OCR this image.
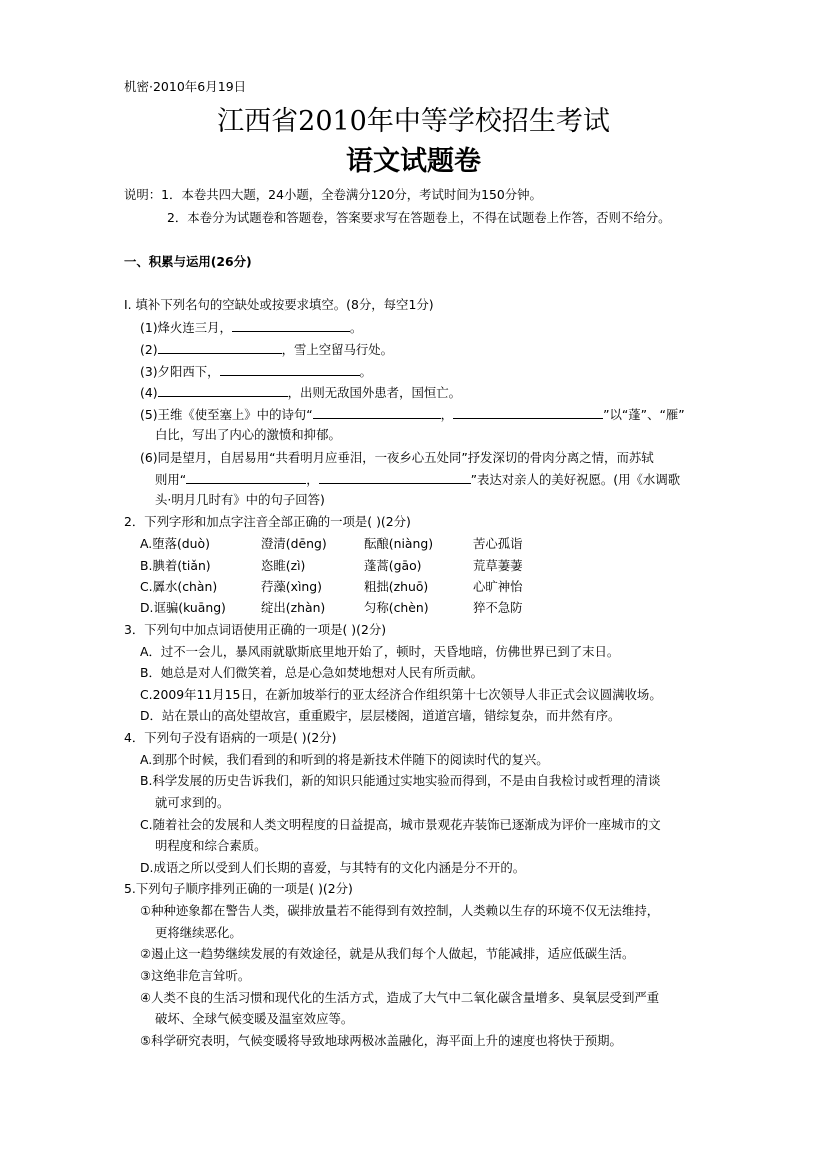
机密·2010年6月19日
江西省2010年中等学校招生考试
语文试题卷
说明：1．本卷共四大题，24小题，全卷满分120分，考试时间为150分钟。
2．本卷分为试题卷和答题卷，答案要求写在答题卷上，不得在试题卷上作答，否则不给分。
一、积累与运用(26分)
I. 填补下列名句的空缺处或按要求填空。(8分，每空1分)
(1)烽火连三月，	。
(2)	，雪上空留马行处。
(3)夕阳西下，	。
(4)	，出则无敌国外患者，国恒亡。
(5)王维《使至塞上》中的诗句“	，	”以“蓬”、“雁”
白比，写出了内心的激愤和抑郁。
(6)同是望月，自居易用“共看明月应垂泪，一夜乡心五处同”抒发深切的骨肉分离之情，而苏轼
则用“	，	”表达对亲人的美好祝愿。(用《水调歌
头·明月几时有》中的句子回答)
2．下列字形和加点字注音全部正确的一项是( )(2分)
A.堕落(duò)	澄清(dēng)	酝酿(niàng)	苦心孤诣
B.腆着(tiǎn)	恣睢(zì)	蓬蒿(gāo)	荒草萋萋
C.羼水(chàn)	荇藻(xìng)	粗拙(zhuō)	心旷神怡
D.诓骗(kuāng)	绽出(zhàn)	匀称(chèn)	猝不急防
3．下列句中加点词语使用正确的一项是( )(2分)
A．过不一会儿，暴风雨就歇斯底里地开始了，顿时，天昏地暗，仿佛世界已到了末日。
B．她总是对人们微笑着，总是心急如焚地想对人民有所贡献。
C.2009年11月15日，在新加坡举行的亚太经济合作组织第十七次领导人非正式会议圆满收场。
D．站在景山的高处望故宫，重重殿宇，层层楼阁，道道宫墙，错综复杂，而井然有序。
4．下列句子没有语病的一项是( )(2分)
A.到那个时候，我们看到的和听到的将是新技术伴随下的阅读时代的复兴。
B.科学发展的历史告诉我们，新的知识只能通过实地实验而得到，不是由自我检讨或哲理的清谈
就可求到的。
C.随着社会的发展和人类文明程度的日益提高，城市景观花卉装饰已逐渐成为评价一座城市的文
明程度和综合素质。
D.成语之所以受到人们长期的喜爱，与其特有的文化内涵是分不开的。
5.下列句子顺序排列正确的一项是( )(2分)
①种种迹象都在警告人类，碳排放量若不能得到有效控制，人类赖以生存的环境不仅无法维持，
更将继续恶化。
②遏止这一趋势继续发展的有效途径，就是从我们每个人做起，节能减排，适应低碳生活。
③这绝非危言耸听。
④人类不良的生活习惯和现代化的生活方式，造成了大气中二氧化碳含量增多、臭氧层受到严重
破坏、全球气候变暖及温室效应等。
⑤科学研究表明，气候变暖将导致地球两极冰盖融化，海平面上升的速度也将快于预期。
